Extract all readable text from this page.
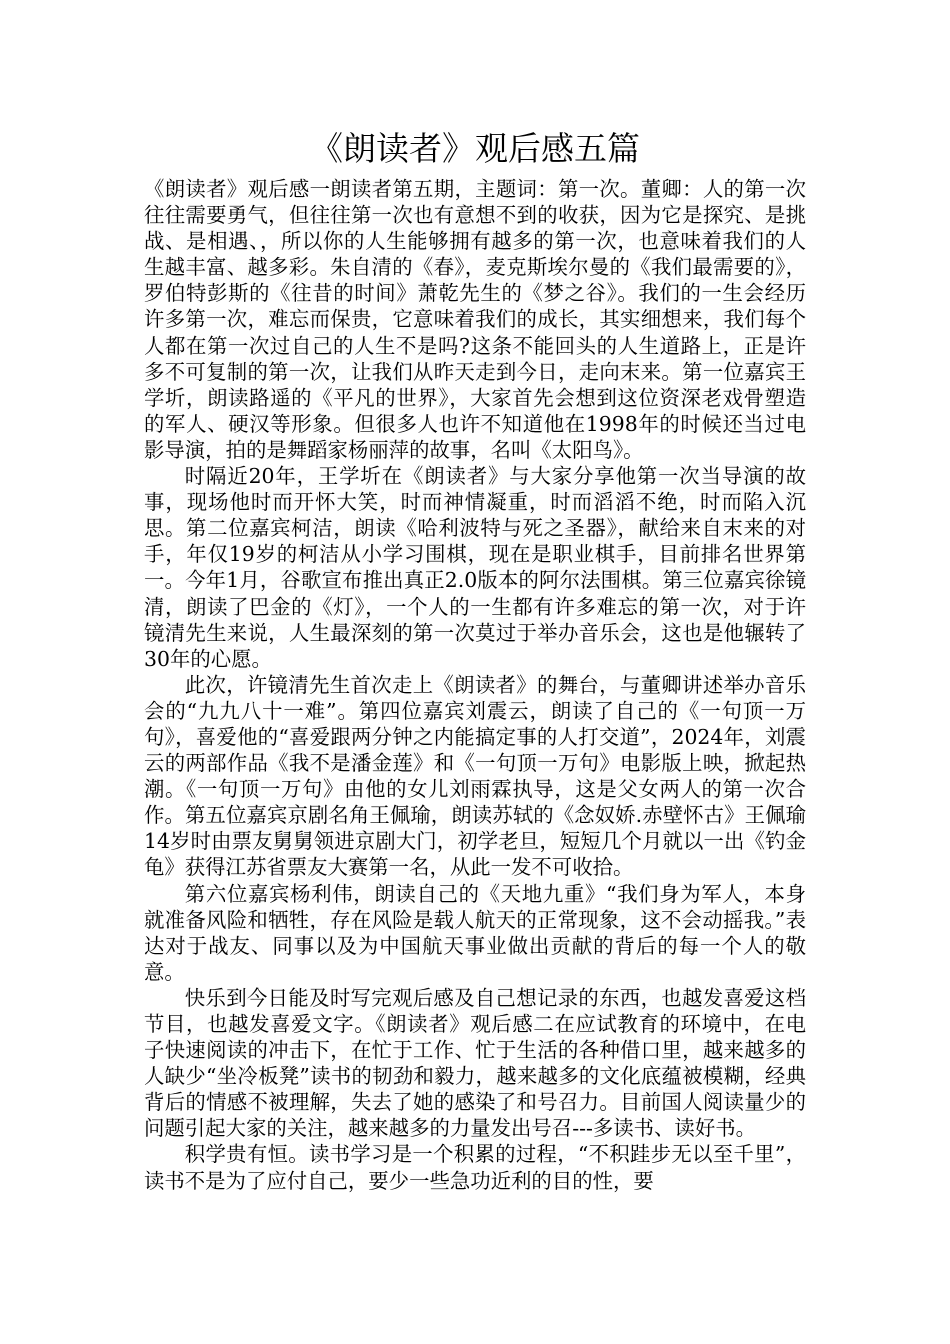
《朗读者》观后感五篇

《朗读者》观后感一朗读者第五期，主题词：第一次。董卿：人的第一次往往需要勇气，但往往第一次也有意想不到的收获，因为它是探究、是挑战、是相遇、，所以你的人生能够拥有越多的第一次，也意味着我们的人生越丰富、越多彩。朱自清的《春》，麦克斯埃尔曼的《我们最需要的》，罗伯特彭斯的《往昔的时间》萧乾先生的《梦之谷》。我们的一生会经历许多第一次，难忘而保贵，它意味着我们的成长，其实细想来，我们每个人都在第一次过自己的人生不是吗?这条不能回头的人生道路上，正是许多不可复制的第一次，让我们从昨天走到今日，走向末来。第一位嘉宾王学圻，朗读路遥的《平凡的世界》，大家首先会想到这位资深老戏骨塑造的军人、硬汉等形象。但很多人也许不知道他在1998年的时候还当过电影导演，拍的是舞蹈家杨丽萍的故事，名叫《太阳鸟》。

时隔近20年，王学圻在《朗读者》与大家分享他第一次当导演的故事，现场他时而开怀大笑，时而神情凝重，时而滔滔不绝，时而陷入沉思。第二位嘉宾柯洁，朗读《哈利波特与死之圣器》，献给来自末来的对手，年仅19岁的柯洁从小学习围棋，现在是职业棋手，目前排名世界第一。今年1月，谷歌宣布推出真正2.0版本的阿尔法围棋。第三位嘉宾徐镜清，朗读了巴金的《灯》，一个人的一生都有许多难忘的第一次，对于许镜清先生来说，人生最深刻的第一次莫过于举办音乐会，这也是他辗转了30年的心愿。

此次，许镜清先生首次走上《朗读者》的舞台，与董卿讲述举办音乐会的“九九八十一难”。第四位嘉宾刘震云，朗读了自己的《一句顶一万句》，喜爱他的“喜爱跟两分钟之内能搞定事的人打交道”，2024年，刘震云的两部作品《我不是潘金莲》和《一句顶一万句》电影版上映，掀起热潮。《一句顶一万句》由他的女儿刘雨霖执导，这是父女两人的第一次合作。第五位嘉宾京剧名角王佩瑜，朗读苏轼的《念奴娇.赤壁怀古》王佩瑜14岁时由票友舅舅领进京剧大门，初学老旦，短短几个月就以一出《钓金龟》获得江苏省票友大赛第一名，从此一发不可收拾。

第六位嘉宾杨利伟，朗读自己的《天地九重》“我们身为军人，本身就准备风险和牺牲，存在风险是载人航天的正常现象，这不会动摇我。”表达对于战友、同事以及为中国航天事业做出贡献的背后的每一个人的敬意。

快乐到今日能及时写完观后感及自己想记录的东西，也越发喜爱这档节目，也越发喜爱文字。《朗读者》观后感二在应试教育的环境中，在电子快速阅读的冲击下，在忙于工作、忙于生活的各种借口里，越来越多的人缺少“坐冷板凳”读书的韧劲和毅力，越来越多的文化底蕴被模糊，经典背后的情感不被理解，失去了她的感染了和号召力。目前国人阅读量少的问题引起大家的关注，越来越多的力量发出号召---多读书、读好书。

积学贵有恒。读书学习是一个积累的过程，“不积跬步无以至千里”，读书不是为了应付自己，要少一些急功近利的目的性，要
